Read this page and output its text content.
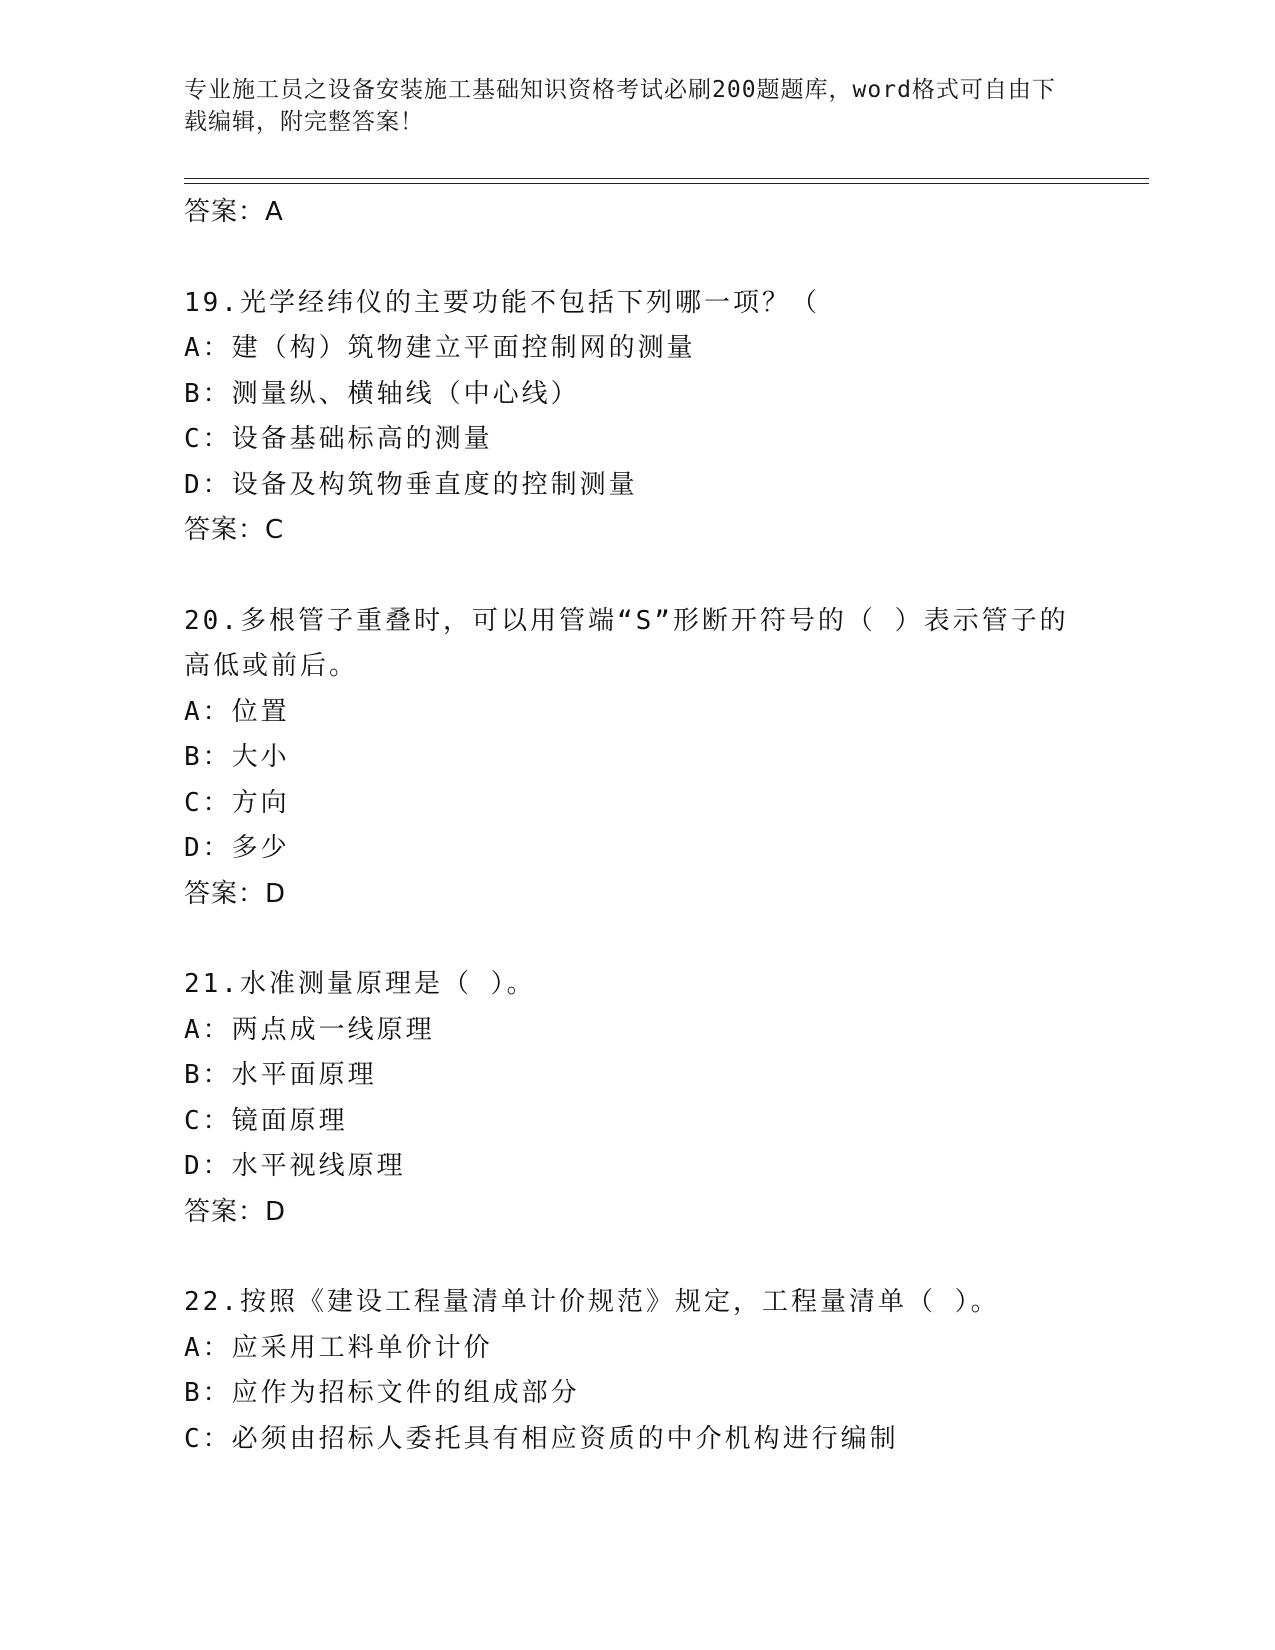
专业施工员之设备安装施工基础知识资格考试必刷200题题库，word格式可自由下载编辑，附完整答案！
答案：A
19.光学经纬仪的主要功能不包括下列哪一项？（
A：建（构）筑物建立平面控制网的测量
B：测量纵、横轴线（中心线）
C：设备基础标高的测量
D：设备及构筑物垂直度的控制测量
答案：C
20.多根管子重叠时，可以用管端“S”形断开符号的（ ）表示管子的高低或前后。
A：位置
B：大小
C：方向
D：多少
答案：D
21.水准测量原理是（ ）。
A：两点成一线原理
B：水平面原理
C：镜面原理
D：水平视线原理
答案：D
22.按照《建设工程量清单计价规范》规定，工程量清单（ ）。
A：应采用工料单价计价
B：应作为招标文件的组成部分
C：必须由招标人委托具有相应资质的中介机构进行编制
